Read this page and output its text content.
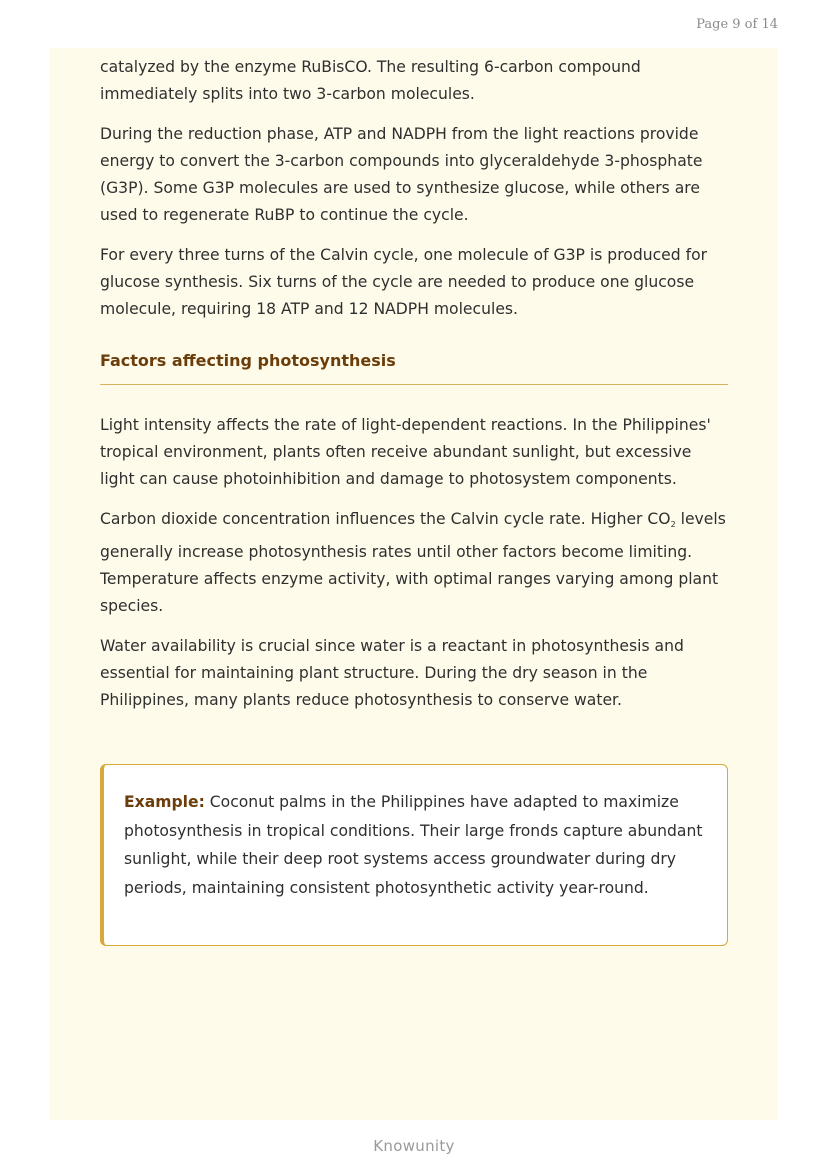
Page 9 of 14

catalyzed by the enzyme RuBisCO. The resulting 6-carbon compound immediately splits into two 3-carbon molecules.

During the reduction phase, ATP and NADPH from the light reactions provide energy to convert the 3-carbon compounds into glyceraldehyde 3-phosphate (G3P). Some G3P molecules are used to synthesize glucose, while others are used to regenerate RuBP to continue the cycle.

For every three turns of the Calvin cycle, one molecule of G3P is produced for glucose synthesis. Six turns of the cycle are needed to produce one glucose molecule, requiring 18 ATP and 12 NADPH molecules.

Factors affecting photosynthesis

Light intensity affects the rate of light-dependent reactions. In the Philippines' tropical environment, plants often receive abundant sunlight, but excessive light can cause photoinhibition and damage to photosystem components.

Carbon dioxide concentration influences the Calvin cycle rate. Higher $CO_2$ levels generally increase photosynthesis rates until other factors become limiting. Temperature affects enzyme activity, with optimal ranges varying among plant species.

Water availability is crucial since water is a reactant in photosynthesis and essential for maintaining plant structure. During the dry season in the Philippines, many plants reduce photosynthesis to conserve water.

Example: Coconut palms in the Philippines have adapted to maximize photosynthesis in tropical conditions. Their large fronds capture abundant sunlight, while their deep root systems access groundwater during dry periods, maintaining consistent photosynthetic activity year-round.

Knowunity
